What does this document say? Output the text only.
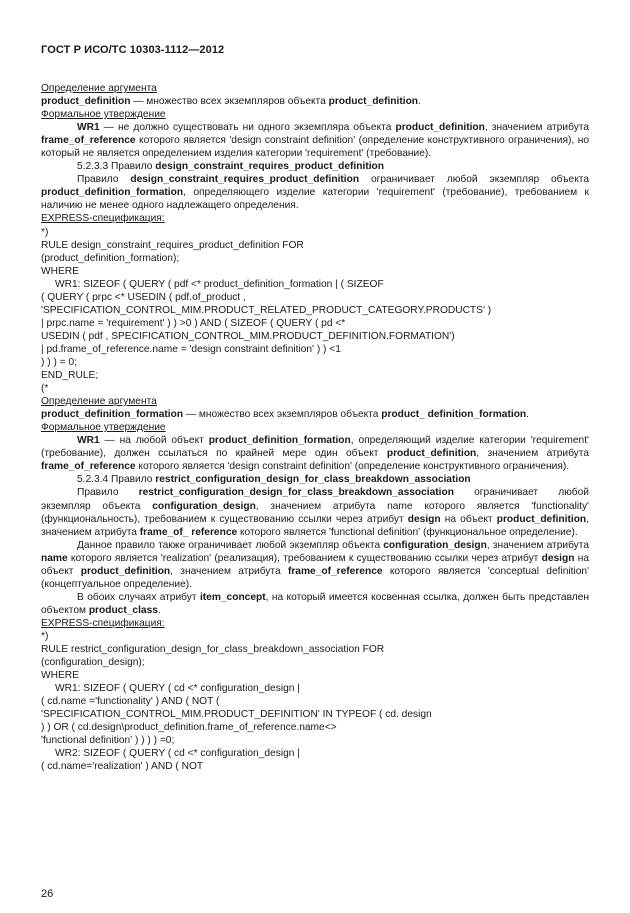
ГОСТ Р ИСО/ТС 10303-1112—2012
Определение аргумента
product_definition — множество всех экземпляров объекта product_definition.
Формальное утверждение
WR1 — не должно существовать ни одного экземпляра объекта product_definition, значением атрибута frame_of_reference которого является 'design constraint definition' (определение конструктивного ограничения), но который не является определением изделия категории 'requirement' (требование).
5.2.3.3 Правило design_constraint_requires_product_definition
Правило design_constraint_requires_product_definition ограничивает любой экземпляр объекта product_definition_formation, определяющего изделие категории 'requirement' (требование), требованием к наличию не менее одного надлежащего определения.
EXPRESS-спецификация:
*)
RULE design_constraint_requires_product_definition FOR
(product_definition_formation);
WHERE
WR1: SIZEOF ( QUERY ( pdf <* product_definition_formation | ( SIZEOF
( QUERY ( prpc <* USEDIN ( pdf.of_product ,
'SPECIFICATION_CONTROL_MIM.PRODUCT_RELATED_PRODUCT_CATEGORY.PRODUCTS' )
| prpc.name = 'requirement' ) ) >0 ) AND ( SIZEOF ( QUERY ( pd <*
USEDIN ( pdf , SPECIFICATION_CONTROL_MIM.PRODUCT_DEFINITION.FORMATION')
| pd.frame_of_reference.name = 'design constraint definition' ) ) <1
) ) ) = 0;
END_RULE;
(*
Определение аргумента
product_definition_formation — множество всех экземпляров объекта product_ definition_formation.
Формальное утверждение
WR1 — на любой объект product_definition_formation, определяющий изделие категории 'requirement' (требование), должен ссылаться по крайней мере один объект product_definition, значением атрибута frame_of_reference которого является 'design constraint definition' (определение конструктивного ограничения).
5.2.3.4 Правило restrict_configuration_design_for_class_breakdown_association
Правило restrict_configuration_design_for_class_breakdown_association ограничивает любой экземпляр объекта configuration_design, значением атрибута name которого является 'functionality' (функциональность), требованием к существованию ссылки через атрибут design на объект product_definition, значением атрибута frame_of_ reference которого является 'functional definition' (функциональное определение).
Данное правило также ограничивает любой экземпляр объекта configuration_design, значением атрибута name которого является 'realization' (реализация), требованием к существованию ссылки через атрибут design на объект product_definition, значением атрибута frame_of_reference которого является 'conceptual definition' (концептуальное определение).
В обоих случаях атрибут item_concept, на который имеется косвенная ссылка, должен быть представлен объектом product_class.
EXPRESS-спецификация:
*)
RULE restrict_configuration_design_for_class_breakdown_association FOR
(configuration_design);
WHERE
WR1: SIZEOF ( QUERY ( cd <* configuration_design |
( cd.name ='functionality' ) AND ( NOT (
'SPECIFICATION_CONTROL_MIM.PRODUCT_DEFINITION' IN TYPEOF ( cd. design
) ) OR ( cd.design\product_definition.frame_of_reference.name<>
'functional definition' ) ) ) ) =0;
WR2: SIZEOF ( QUERY ( cd <* configuration_design |
( cd.name='realization' ) AND ( NOT
26
